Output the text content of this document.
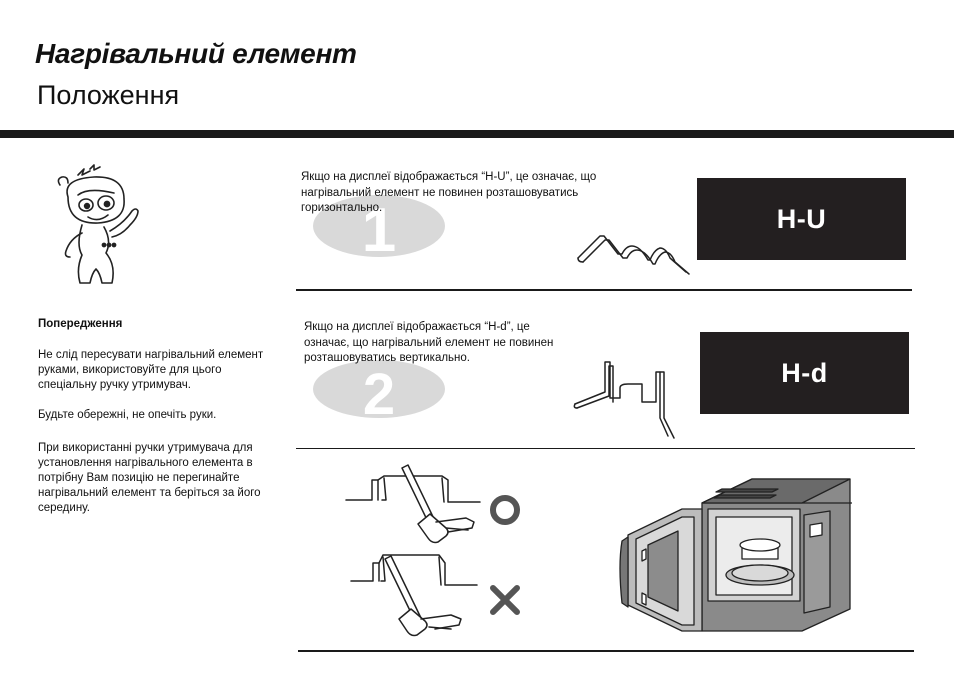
Нагрівальний елемент
Положення
Попередження
Не слід пересувати нагрівальний елемент руками, використовуйте для цього спеціальну ручку утримувач.
Будьте обережні, не опечіть руки.
При використанні ручки утримувача для установлення нагрівального елемента в потрібну Вам позицію не перегинайте нагрівальний елемент та беріться за його середину.
1
Якщо на дисплеї відображається “H-U”, це означає, що нагрівальний елемент не повинен розташовуватись горизонтально.	H-U
2
Якщо на дисплеї відображається “H-d”, це означає, що нагрівальний елемент не повинен розташовуватись вертикально.	H-d
